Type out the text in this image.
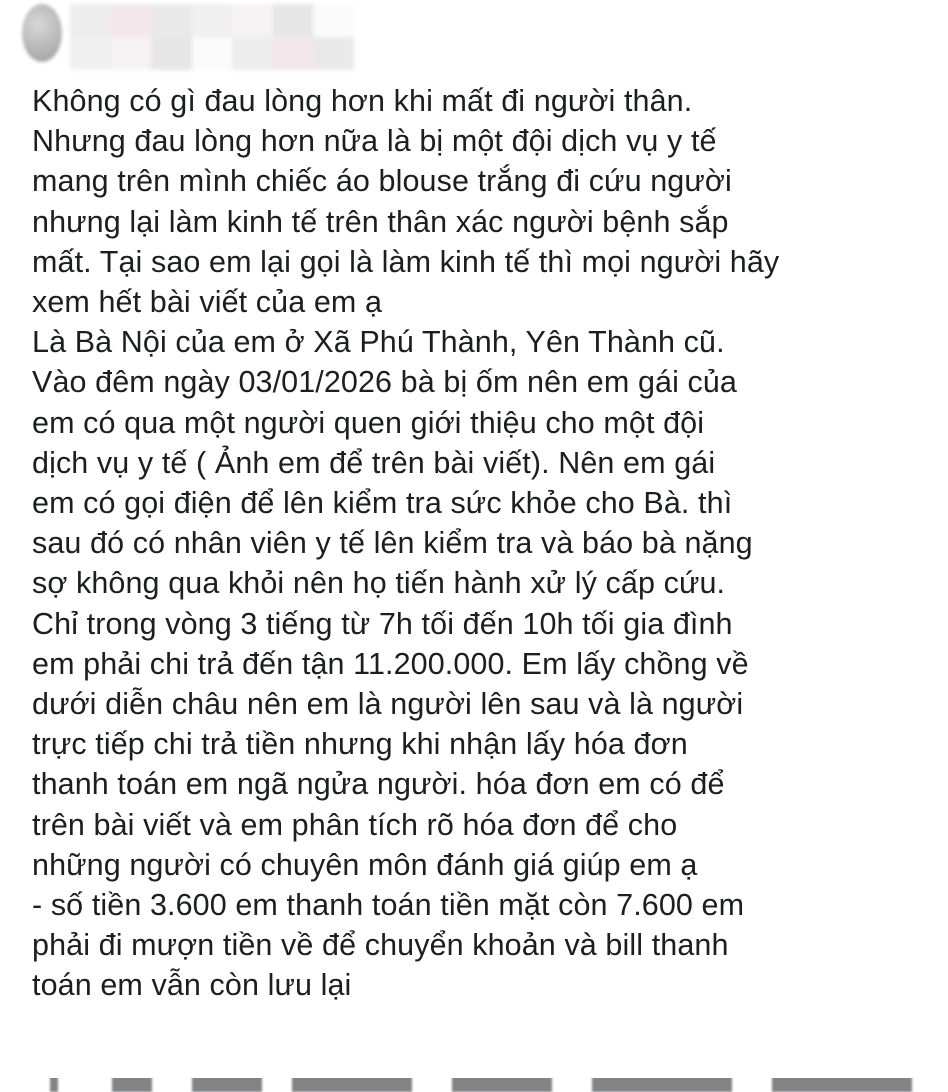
Không có gì đau lòng hơn khi mất đi người thân.
Nhưng đau lòng hơn nữa là bị một đội dịch vụ y tế
mang trên mình chiếc áo blouse trắng đi cứu người
nhưng lại làm kinh tế trên thân xác người bệnh sắp
mất. Tại sao em lại gọi là làm kinh tế thì mọi người hãy
xem hết bài viết của em ạ
Là Bà Nội của em ở Xã Phú Thành, Yên Thành cũ.
Vào đêm ngày 03/01/2026 bà bị ốm nên em gái của
em có qua một người quen giới thiệu cho một đội
dịch vụ y tế ( Ảnh em để trên bài viết). Nên em gái
em có gọi điện để lên kiểm tra sức khỏe cho Bà. thì
sau đó có nhân viên y tế lên kiểm tra và báo bà nặng
sợ không qua khỏi nên họ tiến hành xử lý cấp cứu.
Chỉ trong vòng 3 tiếng từ 7h tối đến 10h tối gia đình
em phải chi trả đến tận 11.200.000. Em lấy chồng về
dưới diễn châu nên em là người lên sau và là người
trực tiếp chi trả tiền nhưng khi nhận lấy hóa đơn
thanh toán em ngã ngửa người. hóa đơn em có để
trên bài viết và em phân tích rõ hóa đơn để cho
những người có chuyên môn đánh giá giúp em ạ
- số tiền 3.600 em thanh toán tiền mặt còn 7.600 em
phải đi mượn tiền về để chuyển khoản và bill thanh
toán em vẫn còn lưu lại
